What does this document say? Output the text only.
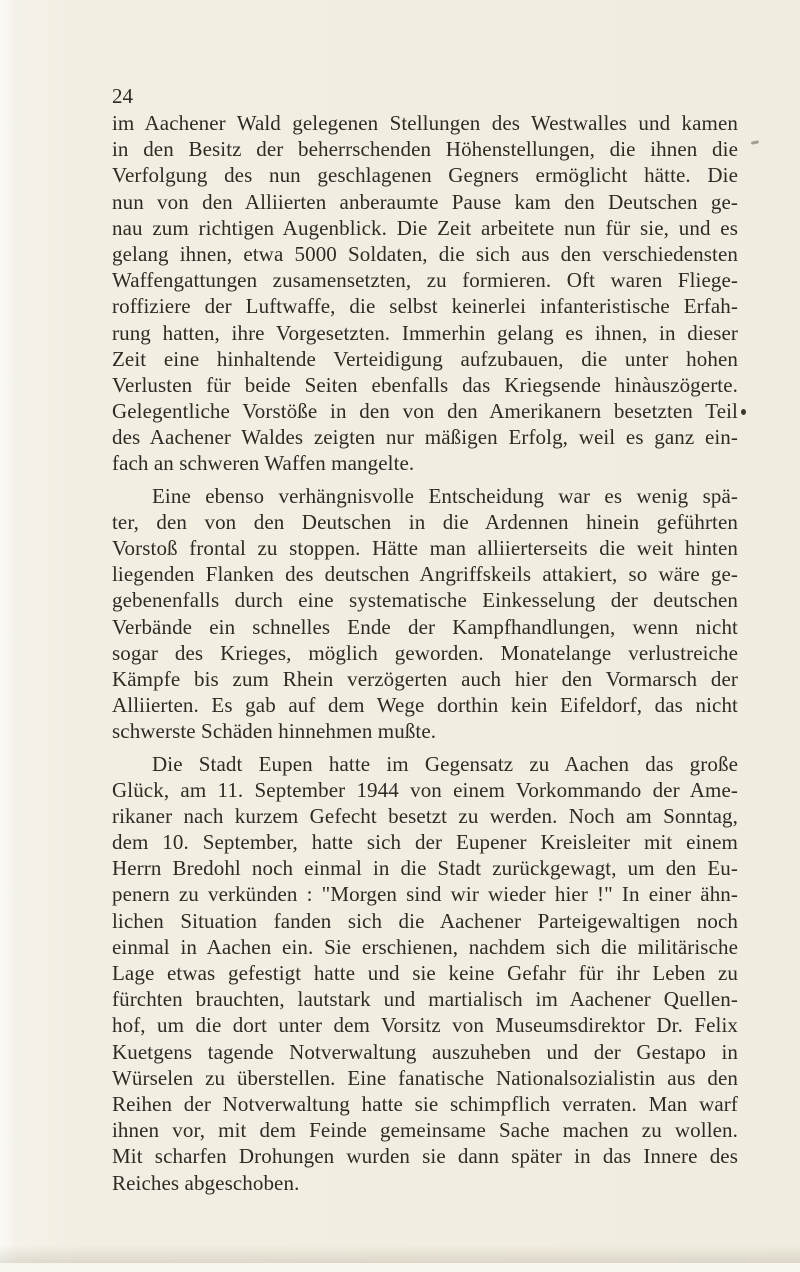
24

im Aachener Wald gelegenen Stellungen des Westwalles und kamen
in den Besitz der beherrschenden Höhenstellungen, die ihnen die
Verfolgung des nun geschlagenen Gegners ermöglicht hätte. Die
nun von den Alliierten anberaumte Pause kam den Deutschen ge-
nau zum richtigen Augenblick. Die Zeit arbeitete nun für sie, und es
gelang ihnen, etwa 5000 Soldaten, die sich aus den verschiedensten
Waffengattungen zusamensetzten, zu formieren. Oft waren Fliege-
roffiziere der Luftwaffe, die selbst keinerlei infanteristische Erfah-
rung hatten, ihre Vorgesetzten. Immerhin gelang es ihnen, in dieser
Zeit eine hinhaltende Verteidigung aufzubauen, die unter hohen
Verlusten für beide Seiten ebenfalls das Kriegsende hinàuszögerte.
Gelegentliche Vorstöße in den von den Amerikanern besetzten Teil
des Aachener Waldes zeigten nur mäßigen Erfolg, weil es ganz ein-
fach an schweren Waffen mangelte.

Eine ebenso verhängnisvolle Entscheidung war es wenig spä-
ter, den von den Deutschen in die Ardennen hinein geführten
Vorstoß frontal zu stoppen. Hätte man alliierterseits die weit hinten
liegenden Flanken des deutschen Angriffskeils attakiert, so wäre ge-
gebenenfalls durch eine systematische Einkesselung der deutschen
Verbände ein schnelles Ende der Kampfhandlungen, wenn nicht
sogar des Krieges, möglich geworden. Monatelange verlustreiche
Kämpfe bis zum Rhein verzögerten auch hier den Vormarsch der
Alliierten. Es gab auf dem Wege dorthin kein Eifeldorf, das nicht
schwerste Schäden hinnehmen mußte.

Die Stadt Eupen hatte im Gegensatz zu Aachen das große
Glück, am 11. September 1944 von einem Vorkommando der Ame-
rikaner nach kurzem Gefecht besetzt zu werden. Noch am Sonntag,
dem 10. September, hatte sich der Eupener Kreisleiter mit einem
Herrn Bredohl noch einmal in die Stadt zurückgewagt, um den Eu-
penern zu verkünden : "Morgen sind wir wieder hier !" In einer ähn-
lichen Situation fanden sich die Aachener Parteigewaltigen noch
einmal in Aachen ein. Sie erschienen, nachdem sich die militärische
Lage etwas gefestigt hatte und sie keine Gefahr für ihr Leben zu
fürchten brauchten, lautstark und martialisch im Aachener Quellen-
hof, um die dort unter dem Vorsitz von Museumsdirektor Dr. Felix
Kuetgens tagende Notverwaltung auszuheben und der Gestapo in
Würselen zu überstellen. Eine fanatische Nationalsozialistin aus den
Reihen der Notverwaltung hatte sie schimpflich verraten. Man warf
ihnen vor, mit dem Feinde gemeinsame Sache machen zu wollen.
Mit scharfen Drohungen wurden sie dann später in das Innere des
Reiches abgeschoben.
